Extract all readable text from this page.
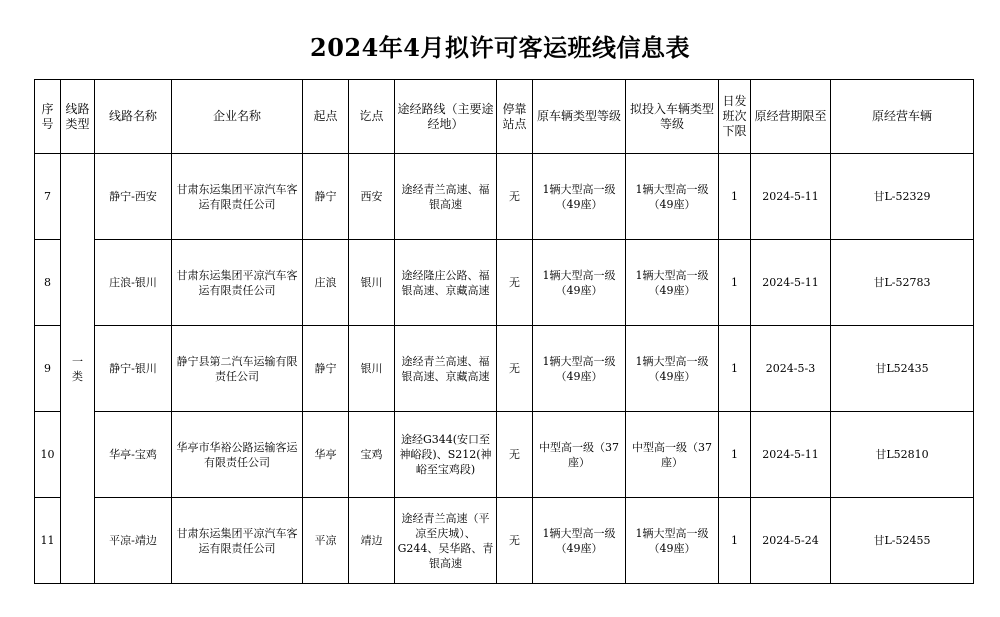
2024年4月拟许可客运班线信息表
序号	线路类型	线路名称	企业名称	起点	讫点	途经路线（主要途经地）	停靠站点	原车辆类型等级	拟投入车辆类型等级	日发班次下限	原经营期限至	原经营车辆
7	一类	静宁-西安	甘肃东运集团平凉汽车客运有限责任公司	静宁	西安	途经青兰高速、福银高速	无	1辆大型高一级（49座）	1辆大型高一级（49座）	1	2024-5-11	甘L-52329
8		庄浪-银川	甘肃东运集团平凉汽车客运有限责任公司	庄浪	银川	途经隆庄公路、福银高速、京藏高速	无	1辆大型高一级（49座）	1辆大型高一级（49座）	1	2024-5-11	甘L-52783
9		静宁-银川	静宁县第二汽车运输有限责任公司	静宁	银川	途经青兰高速、福银高速、京藏高速	无	1辆大型高一级（49座）	1辆大型高一级（49座）	1	2024-5-3	甘L52435
10		华亭-宝鸡	华亭市华裕公路运输客运有限责任公司	华亭	宝鸡	途经G344(安口至神峪段)、S212(神峪至宝鸡段)	无	中型高一级（37座）	中型高一级（37座）	1	2024-5-11	甘L52810
11		平凉-靖边	甘肃东运集团平凉汽车客运有限责任公司	平凉	靖边	途经青兰高速（平凉至庆城）、G244、吴华路、青银高速	无	1辆大型高一级（49座）	1辆大型高一级（49座）	1	2024-5-24	甘L-52455
